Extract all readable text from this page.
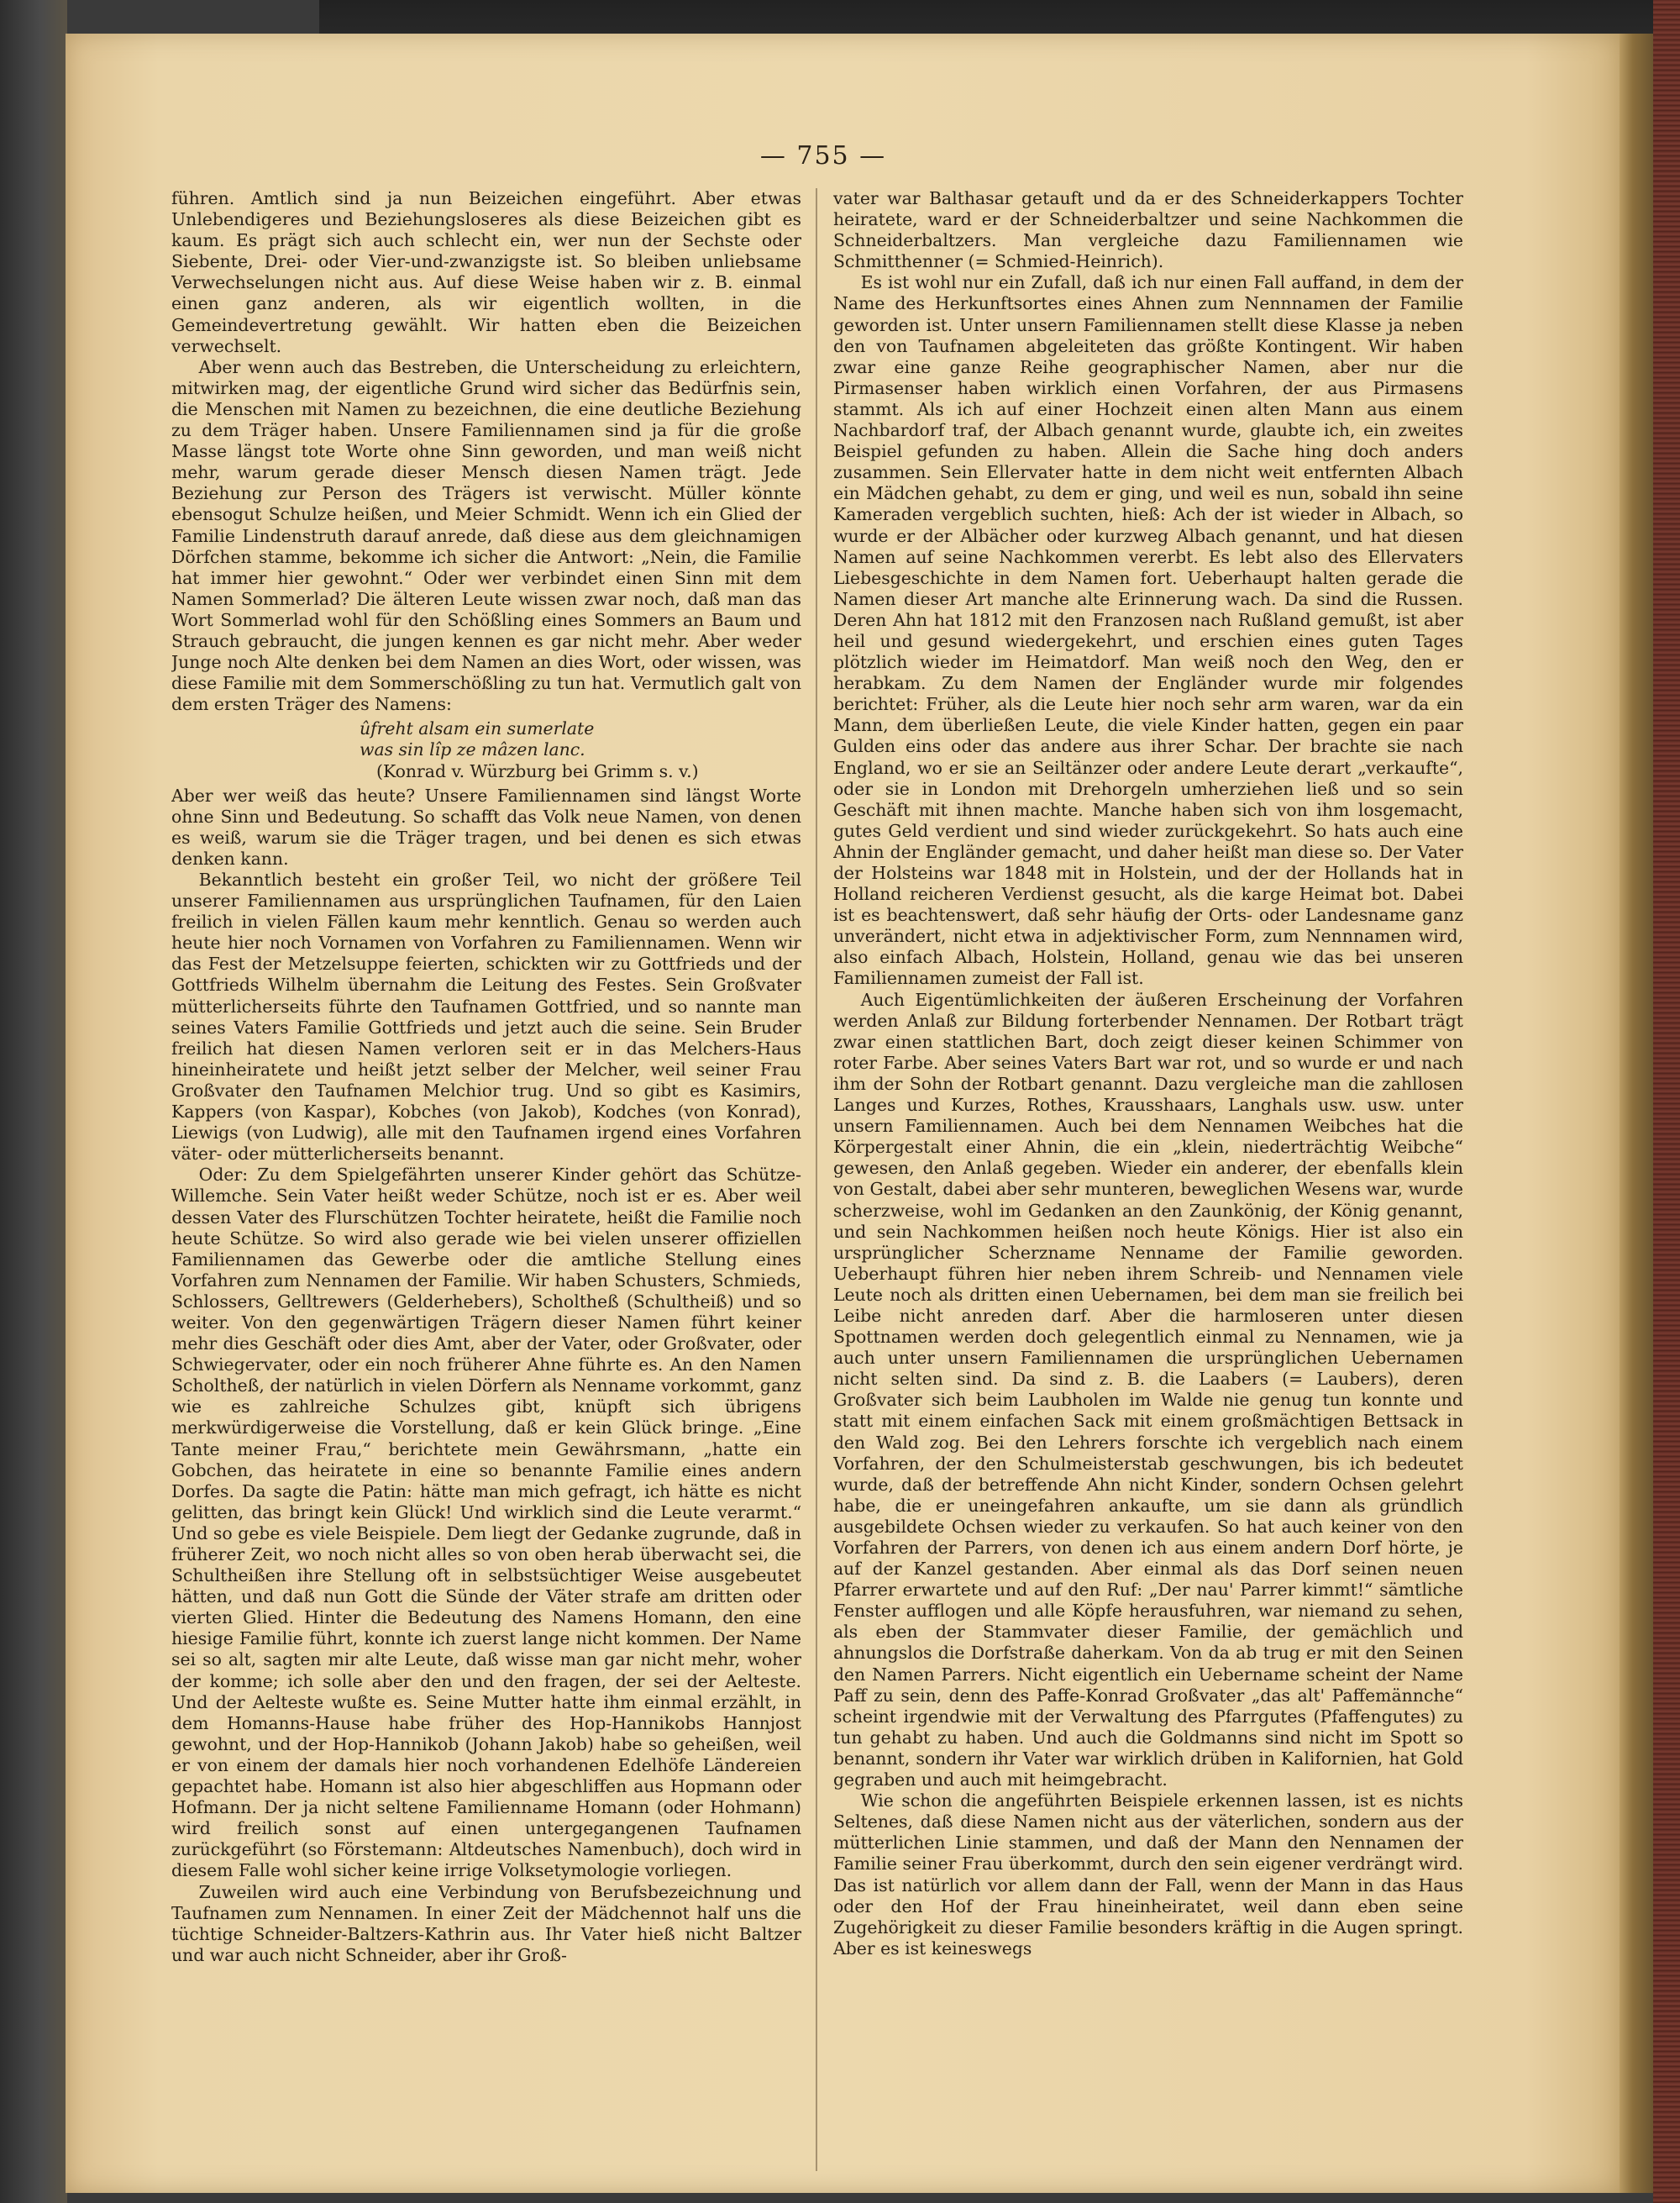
— 755 —

führen. Amtlich sind ja nun Beizeichen eingeführt. Aber etwas Unlebendigeres und Beziehungsloseres als diese Beizeichen gibt es kaum. Es prägt sich auch schlecht ein, wer nun der Sechste oder Siebente, Drei- oder Vier-und-zwanzigste ist. So bleiben unliebsame Verwechselungen nicht aus. Auf diese Weise haben wir z. B. einmal einen ganz anderen, als wir eigentlich wollten, in die Gemeindevertretung gewählt. Wir hatten eben die Beizeichen verwechselt.

Aber wenn auch das Bestreben, die Unterscheidung zu erleichtern, mitwirken mag, der eigentliche Grund wird sicher das Bedürfnis sein, die Menschen mit Namen zu bezeichnen, die eine deutliche Beziehung zu dem Träger haben. Unsere Familiennamen sind ja für die große Masse längst tote Worte ohne Sinn geworden, und man weiß nicht mehr, warum gerade dieser Mensch diesen Namen trägt. Jede Beziehung zur Person des Trägers ist verwischt. Müller könnte ebensogut Schulze heißen, und Meier Schmidt. Wenn ich ein Glied der Familie Lindenstruth darauf anrede, daß diese aus dem gleichnamigen Dörfchen stamme, bekomme ich sicher die Antwort: „Nein, die Familie hat immer hier gewohnt.“ Oder wer verbindet einen Sinn mit dem Namen Sommerlad? Die älteren Leute wissen zwar noch, daß man das Wort Sommerlad wohl für den Schößling eines Sommers an Baum und Strauch gebraucht, die jungen kennen es gar nicht mehr. Aber weder Junge noch Alte denken bei dem Namen an dies Wort, oder wissen, was diese Familie mit dem Sommerschößling zu tun hat. Vermutlich galt von dem ersten Träger des Namens:

ûfreht alsam ein sumerlate
was sin lîp ze mâzen lanc.
(Konrad v. Würzburg bei Grimm s. v.)

Aber wer weiß das heute? Unsere Familiennamen sind längst Worte ohne Sinn und Bedeutung. So schafft das Volk neue Namen, von denen es weiß, warum sie die Träger tragen, und bei denen es sich etwas denken kann.

Bekanntlich besteht ein großer Teil, wo nicht der größere Teil unserer Familiennamen aus ursprünglichen Taufnamen, für den Laien freilich in vielen Fällen kaum mehr kenntlich. Genau so werden auch heute hier noch Vornamen von Vorfahren zu Familiennamen. Wenn wir das Fest der Metzelsuppe feierten, schickten wir zu Gottfrieds und der Gottfrieds Wilhelm übernahm die Leitung des Festes. Sein Großvater mütterlicherseits führte den Taufnamen Gottfried, und so nannte man seines Vaters Familie Gottfrieds und jetzt auch die seine. Sein Bruder freilich hat diesen Namen verloren seit er in das Melchers-Haus hineinheiratete und heißt jetzt selber der Melcher, weil seiner Frau Großvater den Taufnamen Melchior trug. Und so gibt es Kasimirs, Kappers (von Kaspar), Kobches (von Jakob), Kodches (von Konrad), Liewigs (von Ludwig), alle mit den Taufnamen irgend eines Vorfahren väter- oder mütterlicherseits benannt.

Oder: Zu dem Spielgefährten unserer Kinder gehört das Schütze-Willemche. Sein Vater heißt weder Schütze, noch ist er es. Aber weil dessen Vater des Flurschützen Tochter heiratete, heißt die Familie noch heute Schütze. So wird also gerade wie bei vielen unserer offiziellen Familiennamen das Gewerbe oder die amtliche Stellung eines Vorfahren zum Nennamen der Familie. Wir haben Schusters, Schmieds, Schlossers, Gelltrewers (Gelderhebers), Scholtheß (Schultheiß) und so weiter. Von den gegenwärtigen Trägern dieser Namen führt keiner mehr dies Geschäft oder dies Amt, aber der Vater, oder Großvater, oder Schwiegervater, oder ein noch früherer Ahne führte es. An den Namen Scholtheß, der natürlich in vielen Dörfern als Nenname vorkommt, ganz wie es zahlreiche Schulzes gibt, knüpft sich übrigens merkwürdigerweise die Vorstellung, daß er kein Glück bringe. „Eine Tante meiner Frau,“ berichtete mein Gewährsmann, „hatte ein Gobchen, das heiratete in eine so benannte Familie eines andern Dorfes. Da sagte die Patin: hätte man mich gefragt, ich hätte es nicht gelitten, das bringt kein Glück! Und wirklich sind die Leute verarmt.“ Und so gebe es viele Beispiele. Dem liegt der Gedanke zugrunde, daß in früherer Zeit, wo noch nicht alles so von oben herab überwacht sei, die Schultheißen ihre Stellung oft in selbstsüchtiger Weise ausgebeutet hätten, und daß nun Gott die Sünde der Väter strafe am dritten oder vierten Glied. Hinter die Bedeutung des Namens Homann, den eine hiesige Familie führt, konnte ich zuerst lange nicht kommen. Der Name sei so alt, sagten mir alte Leute, daß wisse man gar nicht mehr, woher der komme; ich solle aber den und den fragen, der sei der Aelteste. Und der Aelteste wußte es. Seine Mutter hatte ihm einmal erzählt, in dem Homanns-Hause habe früher des Hop-Hannikobs Hannjost gewohnt, und der Hop-Hannikob (Johann Jakob) habe so geheißen, weil er von einem der damals hier noch vorhandenen Edelhöfe Ländereien gepachtet habe. Homann ist also hier abgeschliffen aus Hopmann oder Hofmann. Der ja nicht seltene Familienname Homann (oder Hohmann) wird freilich sonst auf einen untergegangenen Taufnamen zurückgeführt (so Förstemann: Altdeutsches Namenbuch), doch wird in diesem Falle wohl sicher keine irrige Volksetymologie vorliegen.

Zuweilen wird auch eine Verbindung von Berufsbezeichnung und Taufnamen zum Nennamen. In einer Zeit der Mädchennot half uns die tüchtige Schneider-Baltzers-Kathrin aus. Ihr Vater hieß nicht Baltzer und war auch nicht Schneider, aber ihr Groß-

vater war Balthasar getauft und da er des Schneiderkappers Tochter heiratete, ward er der Schneiderbaltzer und seine Nachkommen die Schneiderbaltzers. Man vergleiche dazu Familiennamen wie Schmitthenner (= Schmied-Heinrich).

Es ist wohl nur ein Zufall, daß ich nur einen Fall auffand, in dem der Name des Herkunftsortes eines Ahnen zum Nennnamen der Familie geworden ist. Unter unsern Familiennamen stellt diese Klasse ja neben den von Taufnamen abgeleiteten das größte Kontingent. Wir haben zwar eine ganze Reihe geographischer Namen, aber nur die Pirmasenser haben wirklich einen Vorfahren, der aus Pirmasens stammt. Als ich auf einer Hochzeit einen alten Mann aus einem Nachbardorf traf, der Albach genannt wurde, glaubte ich, ein zweites Beispiel gefunden zu haben. Allein die Sache hing doch anders zusammen. Sein Ellervater hatte in dem nicht weit entfernten Albach ein Mädchen gehabt, zu dem er ging, und weil es nun, sobald ihn seine Kameraden vergeblich suchten, hieß: Ach der ist wieder in Albach, so wurde er der Albächer oder kurzweg Albach genannt, und hat diesen Namen auf seine Nachkommen vererbt. Es lebt also des Ellervaters Liebesgeschichte in dem Namen fort. Ueberhaupt halten gerade die Namen dieser Art manche alte Erinnerung wach. Da sind die Russen. Deren Ahn hat 1812 mit den Franzosen nach Rußland gemußt, ist aber heil und gesund wiedergekehrt, und erschien eines guten Tages plötzlich wieder im Heimatdorf. Man weiß noch den Weg, den er herabkam. Zu dem Namen der Engländer wurde mir folgendes berichtet: Früher, als die Leute hier noch sehr arm waren, war da ein Mann, dem überließen Leute, die viele Kinder hatten, gegen ein paar Gulden eins oder das andere aus ihrer Schar. Der brachte sie nach England, wo er sie an Seiltänzer oder andere Leute derart „verkaufte“, oder sie in London mit Drehorgeln umherziehen ließ und so sein Geschäft mit ihnen machte. Manche haben sich von ihm losgemacht, gutes Geld verdient und sind wieder zurückgekehrt. So hats auch eine Ahnin der Engländer gemacht, und daher heißt man diese so. Der Vater der Holsteins war 1848 mit in Holstein, und der der Hollands hat in Holland reicheren Verdienst gesucht, als die karge Heimat bot. Dabei ist es beachtenswert, daß sehr häufig der Orts- oder Landesname ganz unverändert, nicht etwa in adjektivischer Form, zum Nennnamen wird, also einfach Albach, Holstein, Holland, genau wie das bei unseren Familiennamen zumeist der Fall ist.

Auch Eigentümlichkeiten der äußeren Erscheinung der Vorfahren werden Anlaß zur Bildung forterbender Nennamen. Der Rotbart trägt zwar einen stattlichen Bart, doch zeigt dieser keinen Schimmer von roter Farbe. Aber seines Vaters Bart war rot, und so wurde er und nach ihm der Sohn der Rotbart genannt. Dazu vergleiche man die zahllosen Langes und Kurzes, Rothes, Krausshaars, Langhals usw. usw. unter unsern Familiennamen. Auch bei dem Nennamen Weibches hat die Körpergestalt einer Ahnin, die ein „klein, niederträchtig Weibche“ gewesen, den Anlaß gegeben. Wieder ein anderer, der ebenfalls klein von Gestalt, dabei aber sehr munteren, beweglichen Wesens war, wurde scherzweise, wohl im Gedanken an den Zaunkönig, der König genannt, und sein Nachkommen heißen noch heute Königs. Hier ist also ein ursprünglicher Scherzname Nenname der Familie geworden. Ueberhaupt führen hier neben ihrem Schreib- und Nennamen viele Leute noch als dritten einen Uebernamen, bei dem man sie freilich bei Leibe nicht anreden darf. Aber die harmloseren unter diesen Spottnamen werden doch gelegentlich einmal zu Nennamen, wie ja auch unter unsern Familiennamen die ursprünglichen Uebernamen nicht selten sind. Da sind z. B. die Laabers (= Laubers), deren Großvater sich beim Laubholen im Walde nie genug tun konnte und statt mit einem einfachen Sack mit einem großmächtigen Bettsack in den Wald zog. Bei den Lehrers forschte ich vergeblich nach einem Vorfahren, der den Schulmeisterstab geschwungen, bis ich bedeutet wurde, daß der betreffende Ahn nicht Kinder, sondern Ochsen gelehrt habe, die er uneingefahren ankaufte, um sie dann als gründlich ausgebildete Ochsen wieder zu verkaufen. So hat auch keiner von den Vorfahren der Parrers, von denen ich aus einem andern Dorf hörte, je auf der Kanzel gestanden. Aber einmal als das Dorf seinen neuen Pfarrer erwartete und auf den Ruf: „Der nau' Parrer kimmt!“ sämtliche Fenster aufflogen und alle Köpfe herausfuhren, war niemand zu sehen, als eben der Stammvater dieser Familie, der gemächlich und ahnungslos die Dorfstraße daherkam. Von da ab trug er mit den Seinen den Namen Parrers. Nicht eigentlich ein Uebername scheint der Name Paff zu sein, denn des Paffe-Konrad Großvater „das alt' Paffemännche“ scheint irgendwie mit der Verwaltung des Pfarrgutes (Pfaffengutes) zu tun gehabt zu haben. Und auch die Goldmanns sind nicht im Spott so benannt, sondern ihr Vater war wirklich drüben in Kalifornien, hat Gold gegraben und auch mit heimgebracht.

Wie schon die angeführten Beispiele erkennen lassen, ist es nichts Seltenes, daß diese Namen nicht aus der väterlichen, sondern aus der mütterlichen Linie stammen, und daß der Mann den Nennamen der Familie seiner Frau überkommt, durch den sein eigener verdrängt wird. Das ist natürlich vor allem dann der Fall, wenn der Mann in das Haus oder den Hof der Frau hineinheiratet, weil dann eben seine Zugehörigkeit zu dieser Familie besonders kräftig in die Augen springt. Aber es ist keineswegs
